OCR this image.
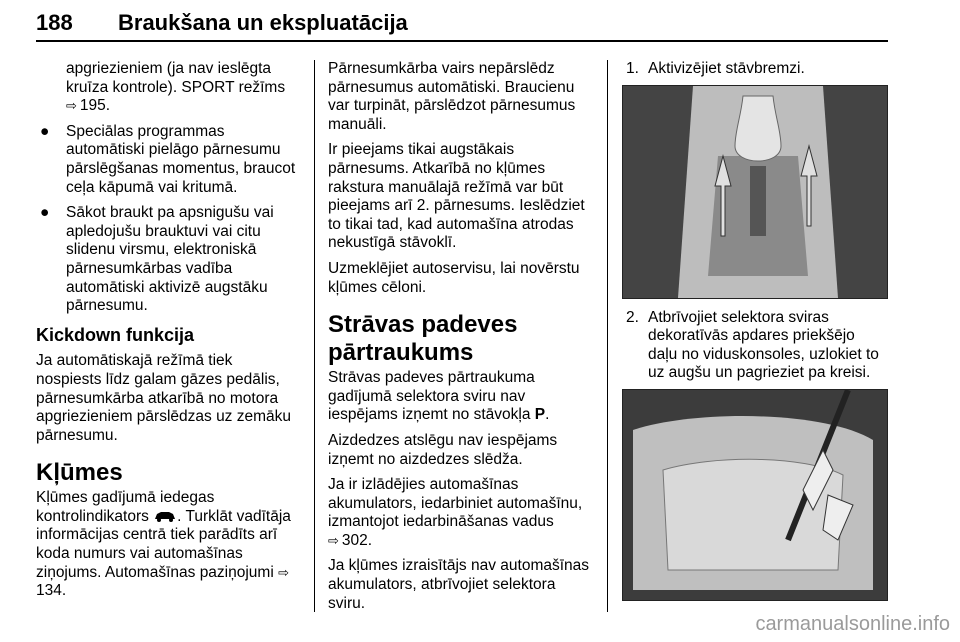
188 Braukšana un ekspluatācija

apgriezieniem (ja nav ieslēgta kruīza kontrole). SPORT režīms
⇨ 195.

● Speciālas programmas automātiski pielāgo pārnesumu pārslēgšanas momentus, braucot ceļa kāpumā vai kritumā.
● Sākot braukt pa apsnigušu vai apledojušu brauktuvi vai citu slidenu virsmu, elektroniskā pārnesumkārbas vadība automātiski aktivizē augstāku pārnesumu.

Kickdown funkcija

Ja automātiskajā režīmā tiek nospiests līdz galam gāzes pedālis, pārnesumkārba atkarībā no motora apgriezieniem pārslēdzas uz zemāku pārnesumu.

Kļūmes

Kļūmes gadījumā iedegas kontrolindikators . Turklāt vadītāja informācijas centrā tiek parādīts arī koda numurs vai automašīnas ziņojums. Automašīnas paziņojumi ⇨134.

Pārnesumkārba vairs nepārslēdz pārnesumus automātiski. Braucienu var turpināt, pārslēdzot pārnesumus manuāli.

Ir pieejams tikai augstākais pārnesums. Atkarībā no kļūmes rakstura manuālajā režīmā var būt pieejams arī 2. pārnesums. Ieslēdziet to tikai tad, kad automašīna atrodas nekustīgā stāvoklī.

Uzmeklējiet autoservisu, lai novērstu kļūmes cēloni.

Strāvas padeves pārtraukums

Strāvas padeves pārtraukuma gadījumā selektora sviru nav iespējams izņemt no stāvokļa P.

Aizdedzes atslēgu nav iespējams izņemt no aizdedzes slēdža.

Ja ir izlādējies automašīnas akumulators, iedarbiniet automašīnu, izmantojot iedarbināšanas vadus
⇨ 302.

Ja kļūmes izraisītājs nav automašīnas akumulators, atbrīvojiet selektora sviru.

1. Aktivizējiet stāvbremzi.
2. Atbrīvojiet selektora sviras dekoratīvās apdares priekšējo daļu no viduskonsoles, uzlokiet to uz augšu un pagrieziet pa kreisi.
carmanualsonline.info
